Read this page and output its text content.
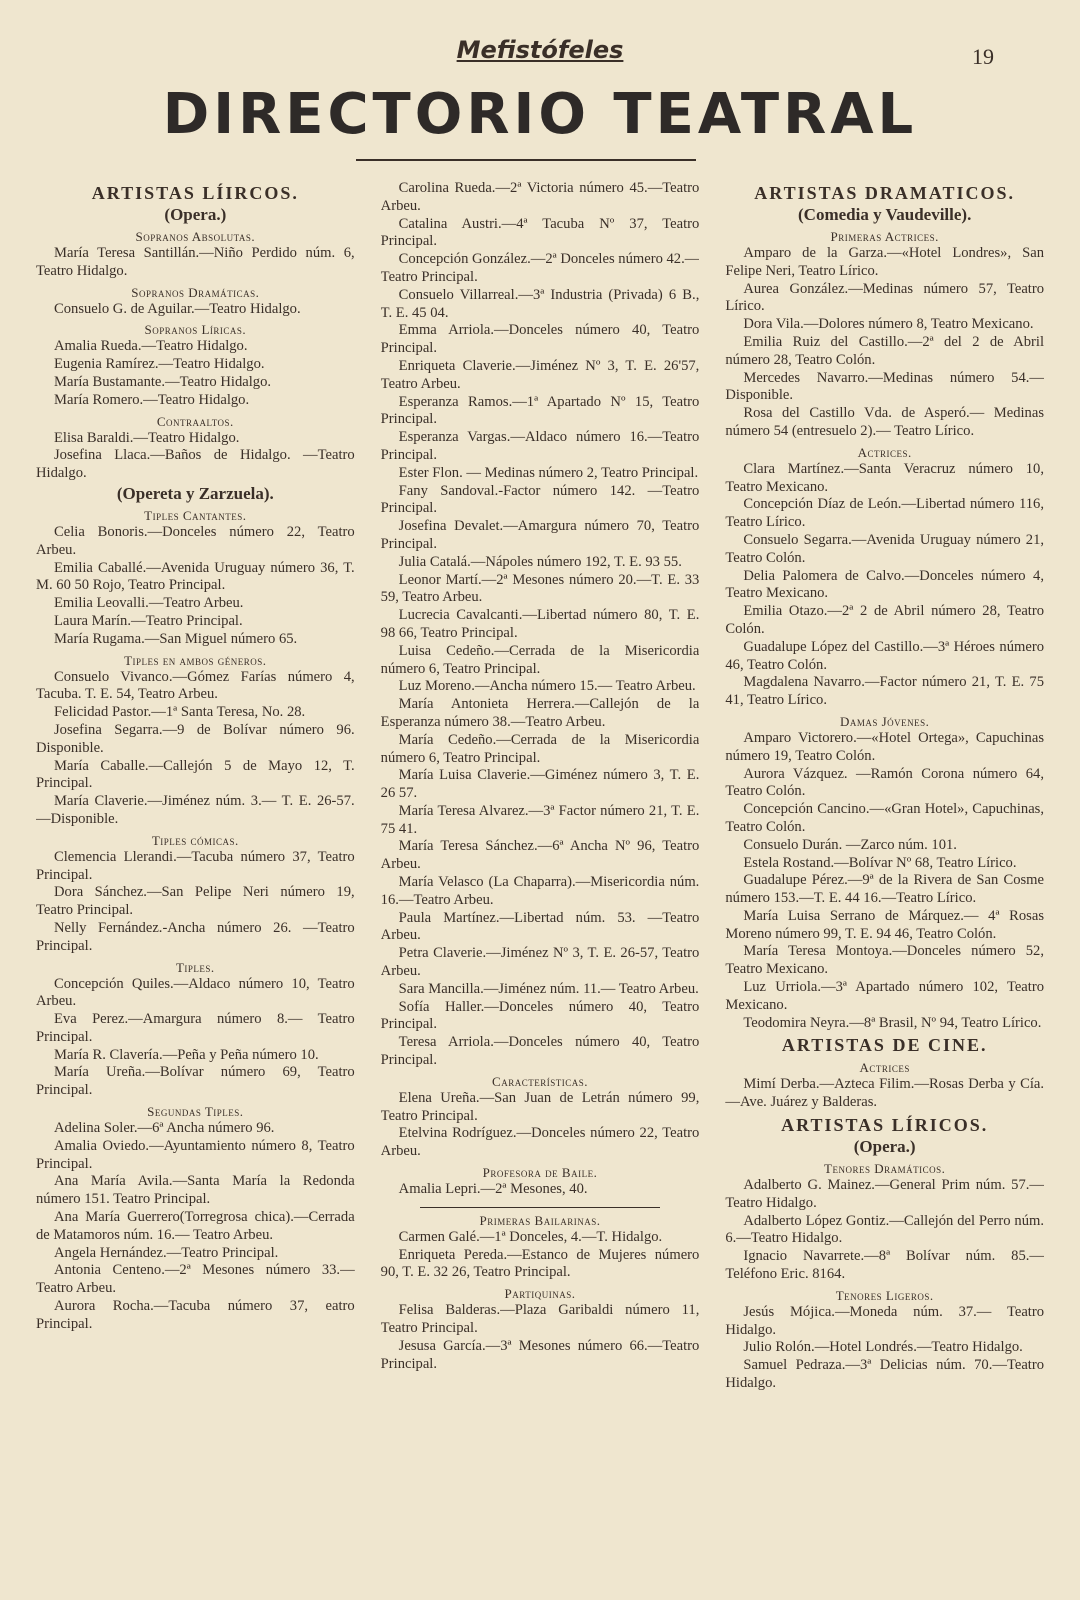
Mefistófeles	19
DIRECTORIO TEATRAL
ARTISTAS LÍIRCOS.
(Opera.)
Sopranos Absolutas.
María Teresa Santillán.—Niño Perdido núm. 6, Teatro Hidalgo.
Sopranos Dramáticas.
Consuelo G. de Aguilar.—Teatro Hidalgo.
Sopranos Líricas.
Amalia Rueda.—Teatro Hidalgo.
Eugenia Ramírez.—Teatro Hidalgo.
María Bustamante.—Teatro Hidalgo.
María Romero.—Teatro Hidalgo.
Contraaltos.
Elisa Baraldi.—Teatro Hidalgo.
Josefina Llaca.—Baños de Hidalgo. —Teatro Hidalgo.
(Opereta y Zarzuela).
Tiples Cantantes.
Celia Bonoris.—Donceles número 22, Teatro Arbeu.
Emilia Caballé.—Avenida Uruguay número 36, T. M. 60 50 Rojo, Teatro Principal.
Emilia Leovalli.—Teatro Arbeu.
Laura Marín.—Teatro Principal.
María Rugama.—San Miguel número 65.
Tiples en ambos géneros.
Consuelo Vivanco.—Gómez Farías número 4, Tacuba. T. E. 54, Teatro Arbeu.
Felicidad Pastor.—1ª Santa Teresa, No. 28.
Josefina Segarra.—9 de Bolívar número 96. Disponible.
María Caballe.—Callejón 5 de Mayo 12, T. Principal.
María Claverie.—Jiménez núm. 3.— T. E. 26-57.—Disponible.
Tiples cómicas.
Clemencia Llerandi.—Tacuba número 37, Teatro Principal.
Dora Sánchez.—San Pelipe Neri número 19, Teatro Principal.
Nelly Fernández.-Ancha número 26. —Teatro Principal.
Tiples.
Concepción Quiles.—Aldaco número 10, Teatro Arbeu.
Eva Perez.—Amargura número 8.— Teatro Principal.
María R. Clavería.—Peña y Peña número 10.
María Ureña.—Bolívar número 69, Teatro Principal.
Segundas Tiples.
Adelina Soler.—6ª Ancha número 96.
Amalia Oviedo.—Ayuntamiento número 8, Teatro Principal.
Ana María Avila.—Santa María la Redonda número 151. Teatro Principal.
Ana María Guerrero(Torregrosa chica).—Cerrada de Matamoros núm. 16.— Teatro Arbeu.
Angela Hernández.—Teatro Principal.
Antonia Centeno.—2ª Mesones número 33.—Teatro Arbeu.
Aurora Rocha.—Tacuba número 37, eatro Principal.
Carolina Rueda.—2ª Victoria número 45.—Teatro Arbeu.
Catalina Austri.—4ª Tacuba Nº 37, Teatro Principal.
Concepción González.—2ª Donceles número 42.—Teatro Principal.
Consuelo Villarreal.—3ª Industria (Privada) 6 B., T. E. 45 04.
Emma Arriola.—Donceles número 40, Teatro Principal.
Enriqueta Claverie.—Jiménez Nº 3, T. E. 26'57, Teatro Arbeu.
Esperanza Ramos.—1ª Apartado Nº 15, Teatro Principal.
Esperanza Vargas.—Aldaco número 16.—Teatro Principal.
Ester Flon. — Medinas número 2, Teatro Principal.
Fany Sandoval.-Factor número 142. —Teatro Principal.
Josefina Devalet.—Amargura número 70, Teatro Principal.
Julia Catalá.—Nápoles número 192, T. E. 93 55.
Leonor Martí.—2ª Mesones número 20.—T. E. 33 59, Teatro Arbeu.
Lucrecia Cavalcanti.—Libertad número 80, T. E. 98 66, Teatro Principal.
Luisa Cedeño.—Cerrada de la Misericordia número 6, Teatro Principal.
Luz Moreno.—Ancha número 15.— Teatro Arbeu.
María Antonieta Herrera.—Callejón de la Esperanza número 38.—Teatro Arbeu.
María Cedeño.—Cerrada de la Misericordia número 6, Teatro Principal.
María Luisa Claverie.—Giménez número 3, T. E. 26 57.
María Teresa Alvarez.—3ª Factor número 21, T. E. 75 41.
María Teresa Sánchez.—6ª Ancha Nº 96, Teatro Arbeu.
María Velasco (La Chaparra).—Misericordia núm. 16.—Teatro Arbeu.
Paula Martínez.—Libertad núm. 53. —Teatro Arbeu.
Petra Claverie.—Jiménez Nº 3, T. E. 26-57, Teatro Arbeu.
Sara Mancilla.—Jiménez núm. 11.— Teatro Arbeu.
Sofía Haller.—Donceles número 40, Teatro Principal.
Teresa Arriola.—Donceles número 40, Teatro Principal.
Características.
Elena Ureña.—San Juan de Letrán número 99, Teatro Principal.
Etelvina Rodríguez.—Donceles número 22, Teatro Arbeu.
Profesora de Baile.
Amalia Lepri.—2ª Mesones, 40.
Primeras Bailarinas.
Carmen Galé.—1ª Donceles, 4.—T. Hidalgo.
Enriqueta Pereda.—Estanco de Mujeres número 90, T. E. 32 26, Teatro Principal.
Partiquinas.
Felisa Balderas.—Plaza Garibaldi número 11, Teatro Principal.
Jesusa García.—3ª Mesones número 66.—Teatro Principal.
ARTISTAS DRAMATICOS.
(Comedia y Vaudeville).
Primeras Actrices.
Amparo de la Garza.—«Hotel Londres», San Felipe Neri, Teatro Lírico.
Aurea González.—Medinas número 57, Teatro Lírico.
Dora Vila.—Dolores número 8, Teatro Mexicano.
Emilia Ruiz del Castillo.—2ª del 2 de Abril número 28, Teatro Colón.
Mercedes Navarro.—Medinas número 54.—Disponible.
Rosa del Castillo Vda. de Asperó.— Medinas número 54 (entresuelo 2).— Teatro Lírico.
Actrices.
Clara Martínez.—Santa Veracruz número 10, Teatro Mexicano.
Concepción Díaz de León.—Libertad número 116, Teatro Lírico.
Consuelo Segarra.—Avenida Uruguay número 21, Teatro Colón.
Delia Palomera de Calvo.—Donceles número 4, Teatro Mexicano.
Emilia Otazo.—2ª 2 de Abril número 28, Teatro Colón.
Guadalupe López del Castillo.—3ª Héroes número 46, Teatro Colón.
Magdalena Navarro.—Factor número 21, T. E. 75 41, Teatro Lírico.
Damas Jóvenes.
Amparo Victorero.—«Hotel Ortega», Capuchinas número 19, Teatro Colón.
Aurora Vázquez. —Ramón Corona número 64, Teatro Colón.
Concepción Cancino.—«Gran Hotel», Capuchinas, Teatro Colón.
Consuelo Durán. —Zarco núm. 101.
Estela Rostand.—Bolívar Nº 68, Teatro Lírico.
Guadalupe Pérez.—9ª de la Rivera de San Cosme número 153.—T. E. 44 16.—Teatro Lírico.
María Luisa Serrano de Márquez.— 4ª Rosas Moreno número 99, T. E. 94 46, Teatro Colón.
María Teresa Montoya.—Donceles número 52, Teatro Mexicano.
Luz Urriola.—3ª Apartado número 102, Teatro Mexicano.
Teodomira Neyra.—8ª Brasil, Nº 94, Teatro Lírico.
ARTISTAS DE CINE.
Actrices
Mimí Derba.—Azteca Filim.—Rosas Derba y Cía.—Ave. Juárez y Balderas.
ARTISTAS LÍRICOS.
(Opera.)
Tenores Dramáticos.
Adalberto G. Mainez.—General Prim núm. 57.—Teatro Hidalgo.
Adalberto López Gontiz.—Callejón del Perro núm. 6.—Teatro Hidalgo.
Ignacio Navarrete.—8ª Bolívar núm. 85.—Teléfono Eric. 8164.
Tenores Ligeros.
Jesús Mójica.—Moneda núm. 37.— Teatro Hidalgo.
Julio Rolón.—Hotel Londrés.—Teatro Hidalgo.
Samuel Pedraza.—3ª Delicias núm. 70.—Teatro Hidalgo.
